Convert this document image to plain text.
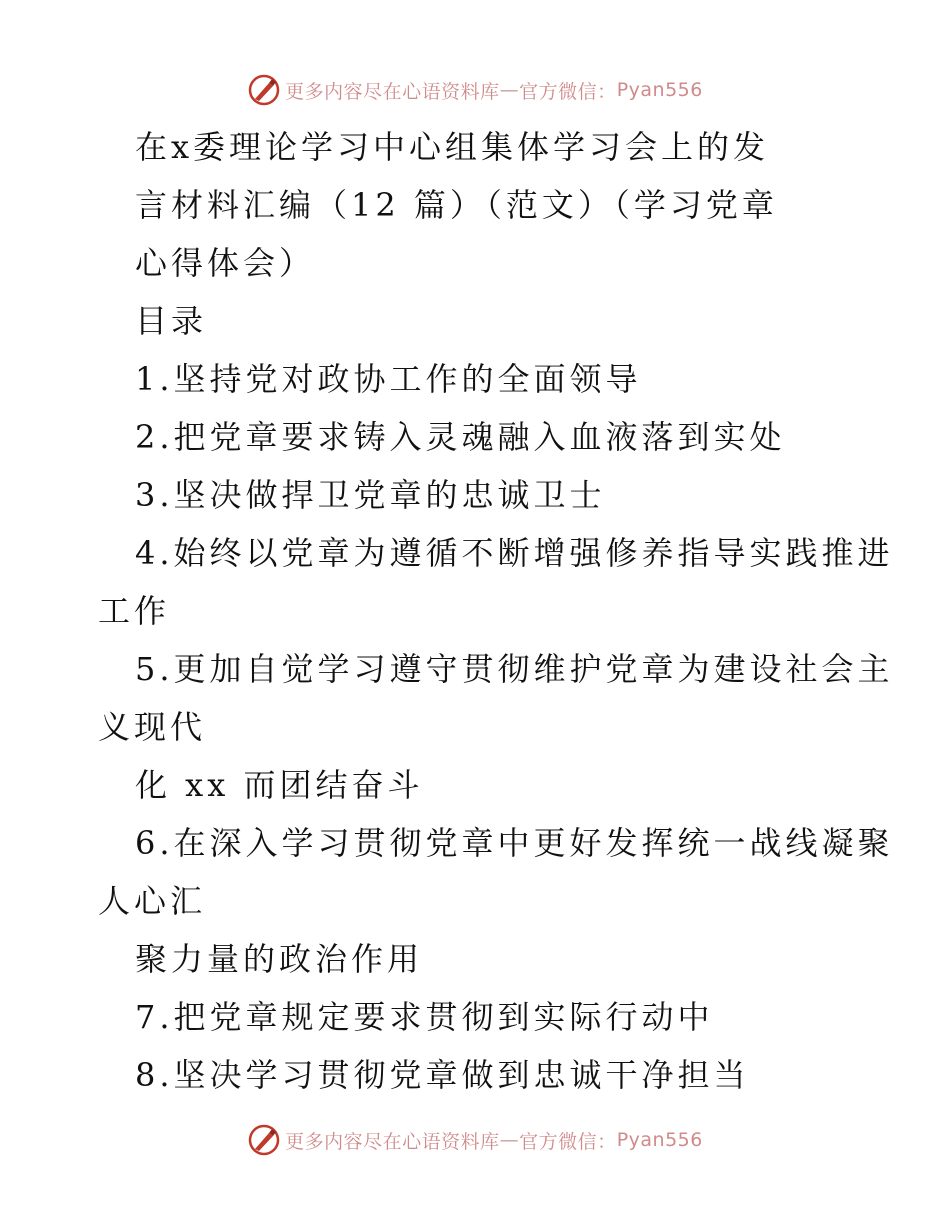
更多内容尽在心语资料库 — 官方微信： Pyan556
在x委理论学习中心组集体学习会上的发
言材料汇编（12 篇）（范文）（学习党章
心得体会）
目录
1.坚持党对政协工作的全面领导
2.把党章要求铸入灵魂融入血液落到实处
3.坚决做捍卫党章的忠诚卫士
4.始终以党章为遵循不断增强修养指导实践推进
工作
5.更加自觉学习遵守贯彻维护党章为建设社会主
义现代
化 xx 而团结奋斗
6.在深入学习贯彻党章中更好发挥统一战线凝聚
人心汇
聚力量的政治作用
7.把党章规定要求贯彻到实际行动中
8.坚决学习贯彻党章做到忠诚干净担当
更多内容尽在心语资料库 — 官方微信： Pyan556
